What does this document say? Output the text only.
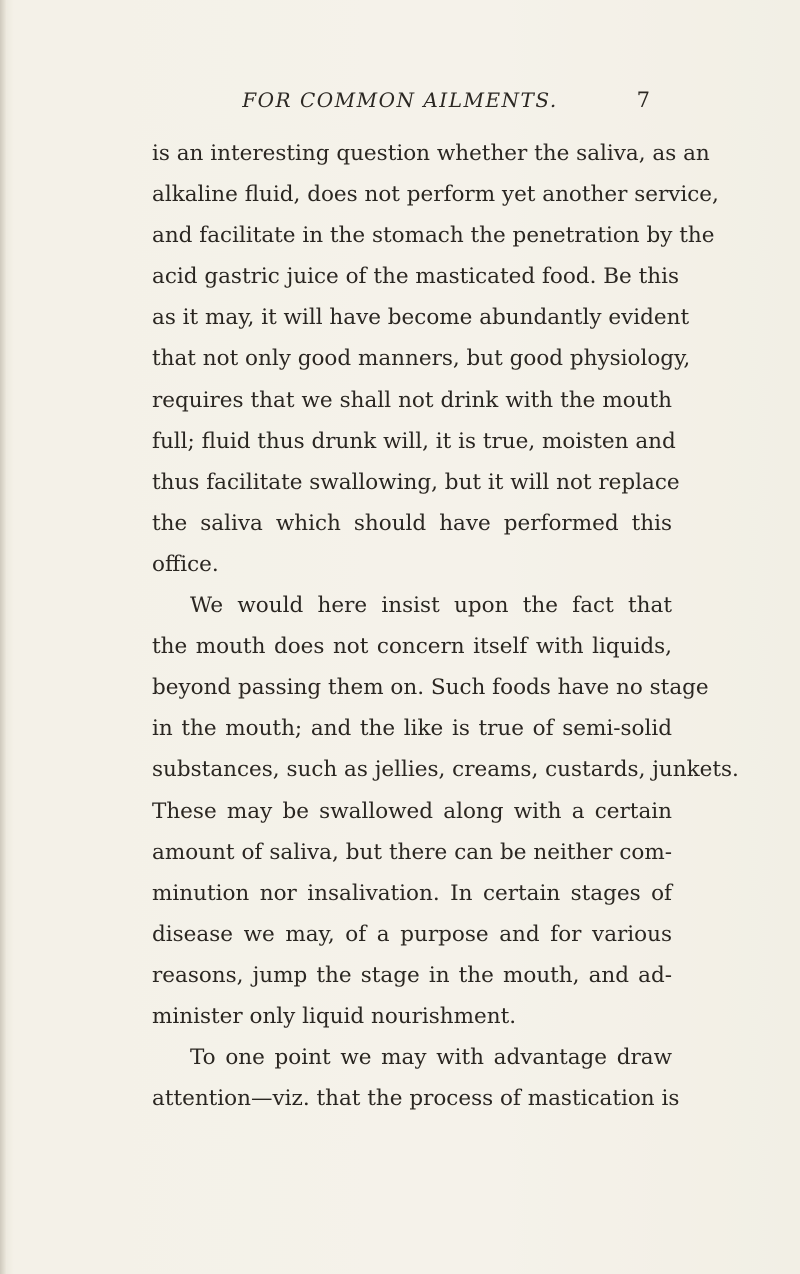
FOR COMMON AILMENTS.	7
is an interesting question whether the saliva, as an
alkaline fluid, does not perform yet another service,
and facilitate in the stomach the penetration by the
acid gastric juice of the masticated food. Be this
as it may, it will have become abundantly evident
that not only good manners, but good physiology,
requires that we shall not drink with the mouth
full; fluid thus drunk will, it is true, moisten and
thus facilitate swallowing, but it will not replace
the saliva which should have performed this
office.
We would here insist upon the fact that
the mouth does not concern itself with liquids,
beyond passing them on. Such foods have no stage
in the mouth; and the like is true of semi-solid
substances, such as jellies, creams, custards, junkets.
These may be swallowed along with a certain
amount of saliva, but there can be neither com-
minution nor insalivation. In certain stages of
disease we may, of a purpose and for various
reasons, jump the stage in the mouth, and ad-
minister only liquid nourishment.
To one point we may with advantage draw
attention—viz. that the process of mastication is
